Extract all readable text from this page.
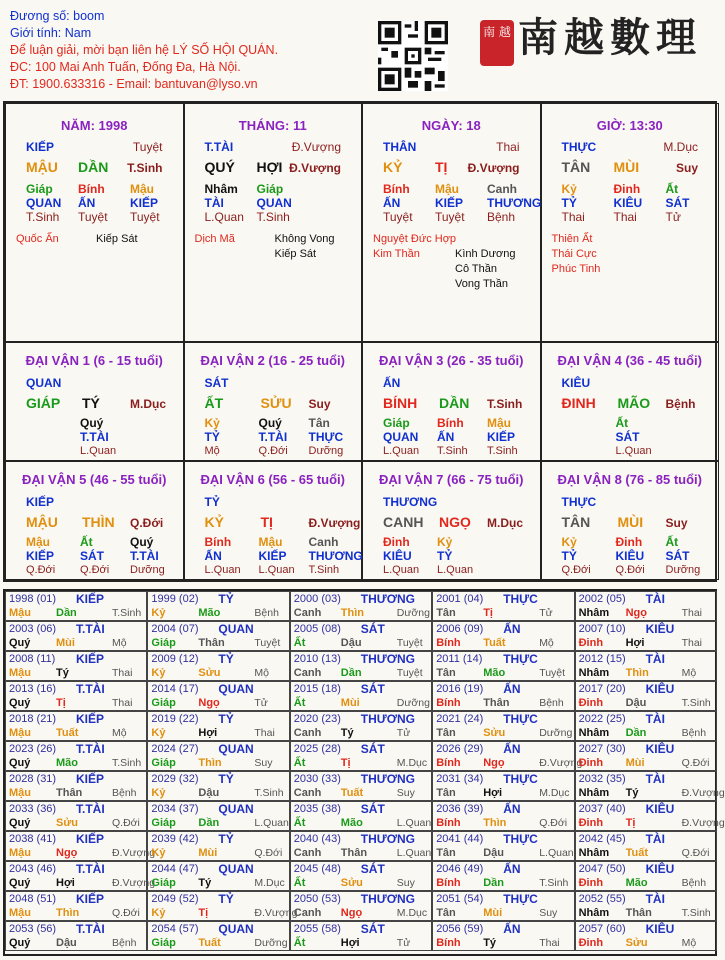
Đương số: boom
Giới tính: Nam
Để luận giải, mời bạn liên hệ LÝ SỐ HỘI QUÁN.
ĐC: 100 Mai Anh Tuấn, Đống Đa, Hà Nội.
ĐT: 1900.633316 - Email: bantuvan@lyso.vn
南 越 南越數理
NĂM: 1998
KIẾP	Tuyệt
MẬU DẦN T.Sinh
Giáp Bính Mậu
QUAN ẤN	KIẾP
T.Sinh Tuyệt Tuyệt
Quốc Ấn	Kiếp Sát
THÁNG: 11
T.TÀI	Đ.Vượng
QUÝ HỢI Đ.Vượng
Nhâm Giáp
TÀI	QUAN
L.Quan T.Sinh
Dịch Mã	Không Vong
Kiếp Sát
NGÀY: 18
THÂN	Thai
KỶ TỊ Đ.Vượng
Bính Mậu Canh
ẤN	KIẾP THƯƠNG
Tuyệt Tuyệt Bệnh
Nguyệt Đức Hợp
Kim Thần	Kình Dương
Cô Thần
Vong Thần
GIỜ: 13:30
THỰC	M.Dục
TÂN MÙI	Suy
Kỷ	Đinh Ất
TỶ	KIÊU SÁT
Thai Thai Tử
Thiên Ất
Thái Cực
Phúc Tinh
ĐẠI VẬN 1 (6 - 15 tuổi)
QUAN
GIÁP TÝ	M.Dục
Quý
T.TÀI
L.Quan
ĐẠI VẬN 2 (16 - 25 tuổi)
SÁT
ẤT	SỬU Suy
Kỷ	Quý Tân
TỶ	T.TÀI THỰC
Mộ	Q.Đới Dưỡng
ĐẠI VẬN 3 (26 - 35 tuổi)
ẤN
BÍNH DẦN T.Sinh
Giáp Bính Mậu
QUAN ẤN	KIẾP
L.Quan T.Sinh T.Sinh
ĐẠI VẬN 4 (36 - 45 tuổi)
KIÊU
ĐINH MÃO Bệnh
Ất
SÁT
L.Quan
ĐẠI VẬN 5 (46 - 55 tuổi)
KIẾP
MẬU THÌN Q.Đới
Mậu	Ất	Quý
KIẾP SÁT T.TÀI
Q.Đới Q.Đới Dưỡng
ĐẠI VẬN 6 (56 - 65 tuổi)
TỶ
KỶ	TỊ	Đ.Vượng
Bính Mậu Canh
ẤN	KIẾP THƯƠNG
L.Quan L.Quan T.Sinh
ĐẠI VẬN 7 (66 - 75 tuổi)
THƯƠNG
CANH NGỌ M.Dục
Đinh Kỷ
KIÊU TỶ
L.Quan L.Quan
ĐẠI VẬN 8 (76 - 85 tuổi)
THỰC
TÂN MÙI Suy
Kỷ	Đinh Ất
TỶ	KIÊU SÁT
Q.Đới Q.Đới Dưỡng
1998 (01) KIẾP
Mậu Dần	T.Sinh
1999 (02) TỶ
Kỷ	Mão	Bệnh
2000 (03) THƯƠNG
Canh Thìn	Dưỡng
2001 (04) THỰC
Tân Tị	Tử
2002 (05) TÀI
Nhâm Ngọ	Thai
2003 (06) T.TÀI
Quý Mùi	Mộ
2004 (07) QUAN
Giáp Thân	Tuyệt
2005 (08) SÁT
Ất	Dậu	Tuyệt
2006 (09) ẤN
Bính Tuất	Mộ
2007 (10) KIÊU
Đinh Hợi	Thai
2008 (11) KIẾP
Mậu Tý	Thai
2009 (12) TỶ
Kỷ	Sửu	Mộ
2010 (13) THƯƠNG
Canh Dần	Tuyệt
2011 (14) THỰC
Tân Mão	Tuyệt
2012 (15) TÀI
Nhâm Thìn	Mộ
2013 (16) T.TÀI
Quý Tị	Thai
2014 (17) QUAN
Giáp Ngọ	Tử
2015 (18) SÁT
Ất	Mùi	Dưỡng
2016 (19) ẤN
Bính Thân	Bệnh
2017 (20) KIÊU
Đinh Dậu	T.Sinh
2018 (21) KIẾP
Mậu Tuất	Mộ
2019 (22) TỶ
Kỷ	Hợi	Thai
2020 (23) THƯƠNG
Canh Tý	Tử
2021 (24) THỰC
Tân Sửu	Dưỡng
2022 (25) TÀI
Nhâm Dần	Bệnh
2023 (26) T.TÀI
Quý Mão	T.Sinh
2024 (27) QUAN
Giáp Thìn	Suy
2025 (28) SÁT
Ất	Tị	M.Dục
2026 (29) ẤN
Bính Ngọ	Đ.Vượng
2027 (30) KIÊU
Đinh Mùi	Q.Đới
2028 (31) KIẾP
Mậu Thân	Bệnh
2029 (32) TỶ
Kỷ	Dậu	T.Sinh
2030 (33) THƯƠNG
Canh Tuất	Suy
2031 (34) THỰC
Tân Hợi	M.Dục
2032 (35) TÀI
Nhâm Tý	Đ.Vượng
2033 (36) T.TÀI
Quý Sửu	Q.Đới
2034 (37) QUAN
Giáp Dần	L.Quan
2035 (38) SÁT
Ất	Mão	L.Quan
2036 (39) ẤN
Bính Thìn	Q.Đới
2037 (40) KIÊU
Đinh Tị	Đ.Vượng
2038 (41) KIẾP
Mậu Ngọ	Đ.Vượng
2039 (42) TỶ
Kỷ	Mùi	Q.Đới
2040 (43) THƯƠNG
Canh Thân	L.Quan
2041 (44) THỰC
Tân Dậu	L.Quan
2042 (45) TÀI
Nhâm Tuất	Q.Đới
2043 (46) T.TÀI
Quý Hợi	Đ.Vượng
2044 (47) QUAN
Giáp Tý	M.Dục
2045 (48) SÁT
Ất	Sửu	Suy
2046 (49) ẤN
Bính Dần	T.Sinh
2047 (50) KIÊU
Đinh Mão	Bệnh
2048 (51) KIẾP
Mậu Thìn	Q.Đới
2049 (52) TỶ
Kỷ	Tị	Đ.Vượng
2050 (53) THƯƠNG
Canh Ngọ	M.Dục
2051 (54) THỰC
Tân Mùi	Suy
2052 (55) TÀI
Nhâm Thân	T.Sinh
2053 (56) T.TÀI
Quý Dậu	Bệnh
2054 (57) QUAN
Giáp Tuất	Dưỡng
2055 (58) SÁT
Ất	Hợi	Tử
2056 (59) ẤN
Bính Tý	Thai
2057 (60) KIÊU
Đinh Sửu	Mộ
